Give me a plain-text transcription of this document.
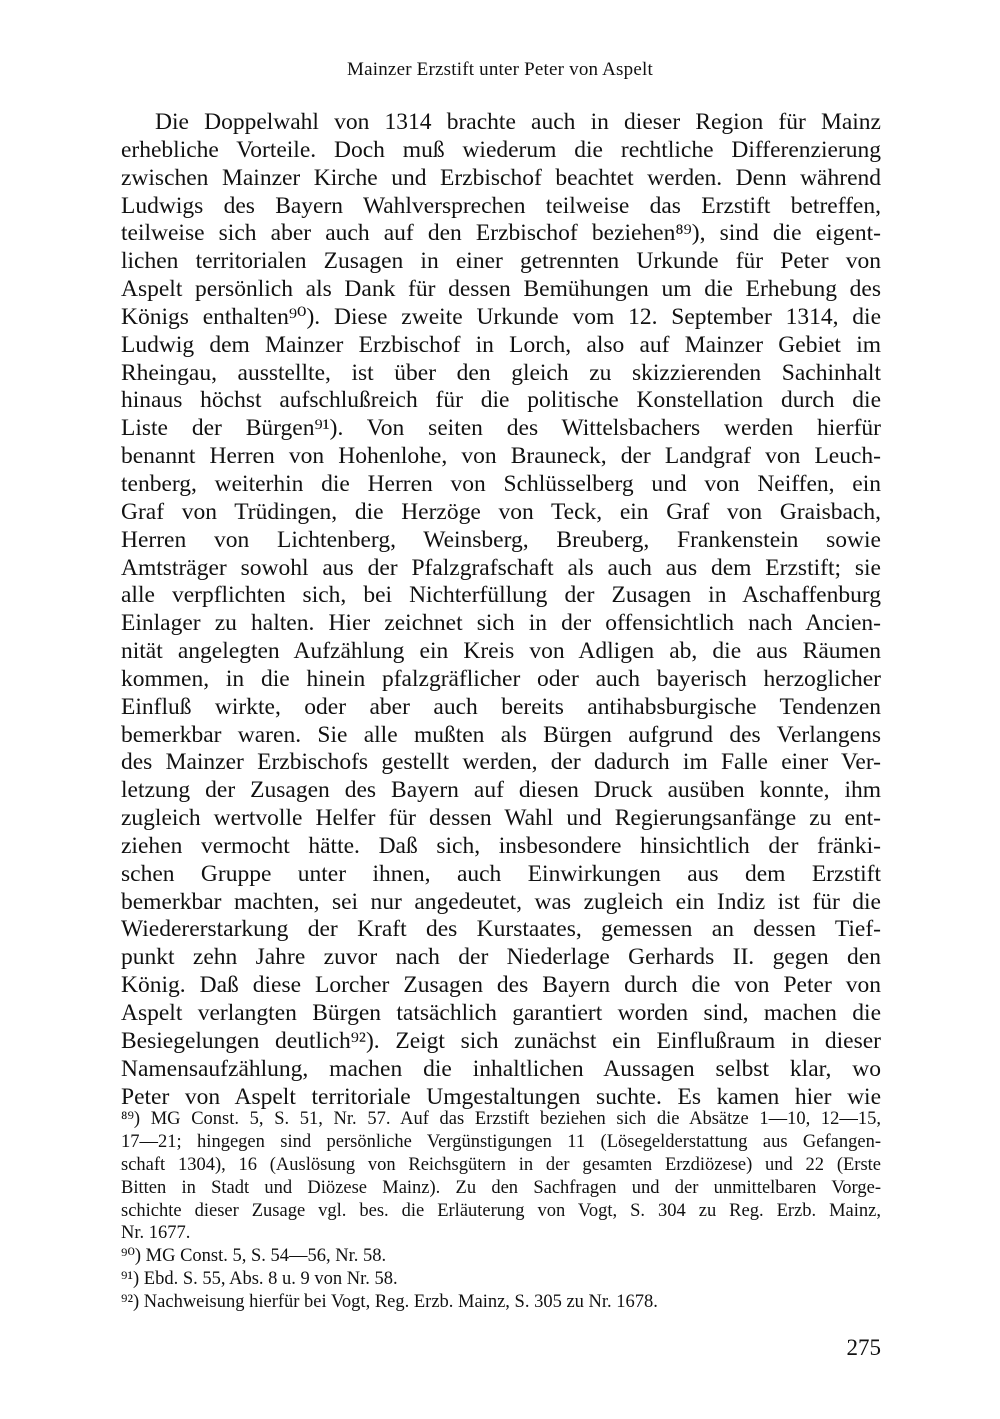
Mainzer Erzstift unter Peter von Aspelt
Die Doppelwahl von 1314 brachte auch in dieser Region für Mainz
erhebliche Vorteile. Doch muß wiederum die rechtliche Differenzierung
zwischen Mainzer Kirche und Erzbischof beachtet werden. Denn während
Ludwigs des Bayern Wahlversprechen teilweise das Erzstift betreffen,
teilweise sich aber auch auf den Erzbischof beziehen⁸⁹), sind die eigent-
lichen territorialen Zusagen in einer getrennten Urkunde für Peter von
Aspelt persönlich als Dank für dessen Bemühungen um die Erhebung des
Königs enthalten⁹⁰). Diese zweite Urkunde vom 12. September 1314, die
Ludwig dem Mainzer Erzbischof in Lorch, also auf Mainzer Gebiet im
Rheingau, ausstellte, ist über den gleich zu skizzierenden Sachinhalt
hinaus höchst aufschlußreich für die politische Konstellation durch die
Liste der Bürgen⁹¹). Von seiten des Wittelsbachers werden hierfür
benannt Herren von Hohenlohe, von Brauneck, der Landgraf von Leuch-
tenberg, weiterhin die Herren von Schlüsselberg und von Neiffen, ein
Graf von Trüdingen, die Herzöge von Teck, ein Graf von Graisbach,
Herren von Lichtenberg, Weinsberg, Breuberg, Frankenstein sowie
Amtsträger sowohl aus der Pfalzgrafschaft als auch aus dem Erzstift; sie
alle verpflichten sich, bei Nichterfüllung der Zusagen in Aschaffenburg
Einlager zu halten. Hier zeichnet sich in der offensichtlich nach Ancien-
nität angelegten Aufzählung ein Kreis von Adligen ab, die aus Räumen
kommen, in die hinein pfalzgräflicher oder auch bayerisch herzoglicher
Einfluß wirkte, oder aber auch bereits antihabsburgische Tendenzen
bemerkbar waren. Sie alle mußten als Bürgen aufgrund des Verlangens
des Mainzer Erzbischofs gestellt werden, der dadurch im Falle einer Ver-
letzung der Zusagen des Bayern auf diesen Druck ausüben konnte, ihm
zugleich wertvolle Helfer für dessen Wahl und Regierungsanfänge zu ent-
ziehen vermocht hätte. Daß sich, insbesondere hinsichtlich der fränki-
schen Gruppe unter ihnen, auch Einwirkungen aus dem Erzstift
bemerkbar machten, sei nur angedeutet, was zugleich ein Indiz ist für die
Wiedererstarkung der Kraft des Kurstaates, gemessen an dessen Tief-
punkt zehn Jahre zuvor nach der Niederlage Gerhards II. gegen den
König. Daß diese Lorcher Zusagen des Bayern durch die von Peter von
Aspelt verlangten Bürgen tatsächlich garantiert worden sind, machen die
Besiegelungen deutlich⁹²). Zeigt sich zunächst ein Einflußraum in dieser
Namensaufzählung, machen die inhaltlichen Aussagen selbst klar, wo
Peter von Aspelt territoriale Umgestaltungen suchte. Es kamen hier wie
⁸⁹) MG Const. 5, S. 51, Nr. 57. Auf das Erzstift beziehen sich die Absätze 1—10, 12—15,
17—21; hingegen sind persönliche Vergünstigungen 11 (Lösegelderstattung aus Gefangen-
schaft 1304), 16 (Auslösung von Reichsgütern in der gesamten Erzdiözese) und 22 (Erste
Bitten in Stadt und Diözese Mainz). Zu den Sachfragen und der unmittelbaren Vorge-
schichte dieser Zusage vgl. bes. die Erläuterung von Vogt, S. 304 zu Reg. Erzb. Mainz,
Nr. 1677.
⁹⁰) MG Const. 5, S. 54—56, Nr. 58.
⁹¹) Ebd. S. 55, Abs. 8 u. 9 von Nr. 58.
⁹²) Nachweisung hierfür bei Vogt, Reg. Erzb. Mainz, S. 305 zu Nr. 1678.
275
